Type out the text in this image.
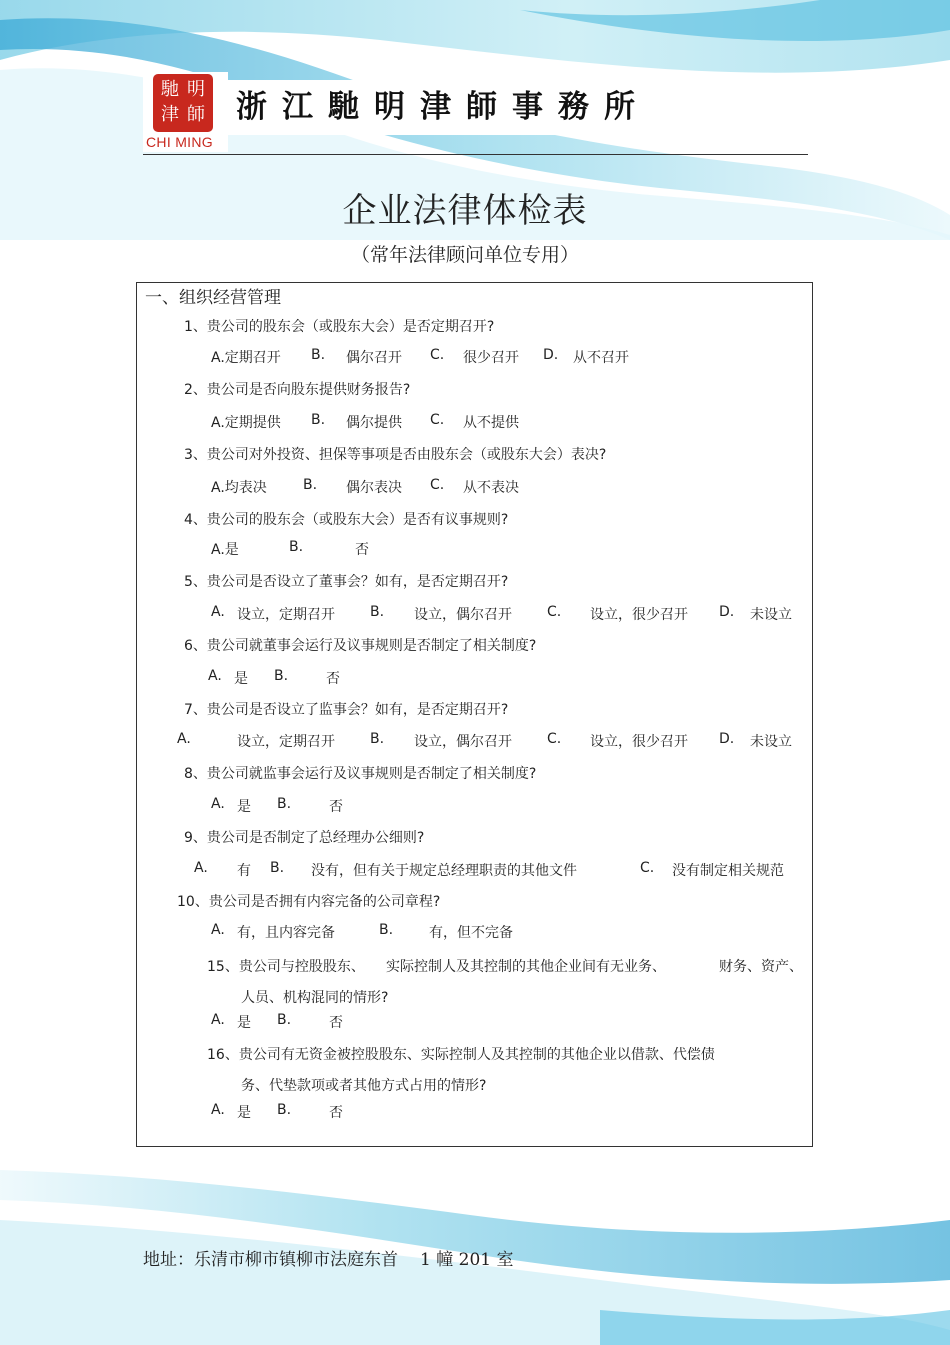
馳 明
津 師
CHI MING
浙江馳明津師事務所
企业法律体检表
（常年法律顾问单位专用）
一、组织经营管理
1、贵公司的股东会（或股东大会）是否定期召开?
A.定期召开 B. 偶尔召开 C. 很少召开 D. 从不召开
2、贵公司是否向股东提供财务报告?
A.定期提供 B. 偶尔提供 C. 从不提供
3、贵公司对外投资、担保等事项是否由股东会（或股东大会）表决?
A.均表决	B. 偶尔表决 C. 从不表决
4、贵公司的股东会（或股东大会）是否有议事规则?
A.是	B.	否
5、贵公司是否设立了董事会？如有，是否定期召开?
A. 设立，定期召开	B. 设立，偶尔召开	C. 设立，很少召开 D. 未设立
6、贵公司就董事会运行及议事规则是否制定了相关制度?
A. 是 B.	否
7、贵公司是否设立了监事会？如有，是否定期召开?
A.	设立，定期召开	B. 设立，偶尔召开	C. 设立，很少召开 D. 未设立
8、贵公司就监事会运行及议事规则是否制定了相关制度?
A. 是 B.	否
9、贵公司是否制定了总经理办公细则?
A. 有 B. 没有，但有关于规定总经理职责的其他文件	C. 没有制定相关规范
10、贵公司是否拥有内容完备的公司章程?
A. 有，且内容完备	B.	有，但不完备
15、贵公司与控股股东、 实际控制人及其控制的其他企业间有无业务、	财务、资产、
人员、机构混同的情形?
A. 是 B.	否
16、贵公司有无资金被控股股东、实际控制人及其控制的其他企业以借款、代偿债
务、代垫款项或者其他方式占用的情形?
A. 是 B.	否
地址：乐清市柳市镇柳市法庭东首 1 幢 201 室
